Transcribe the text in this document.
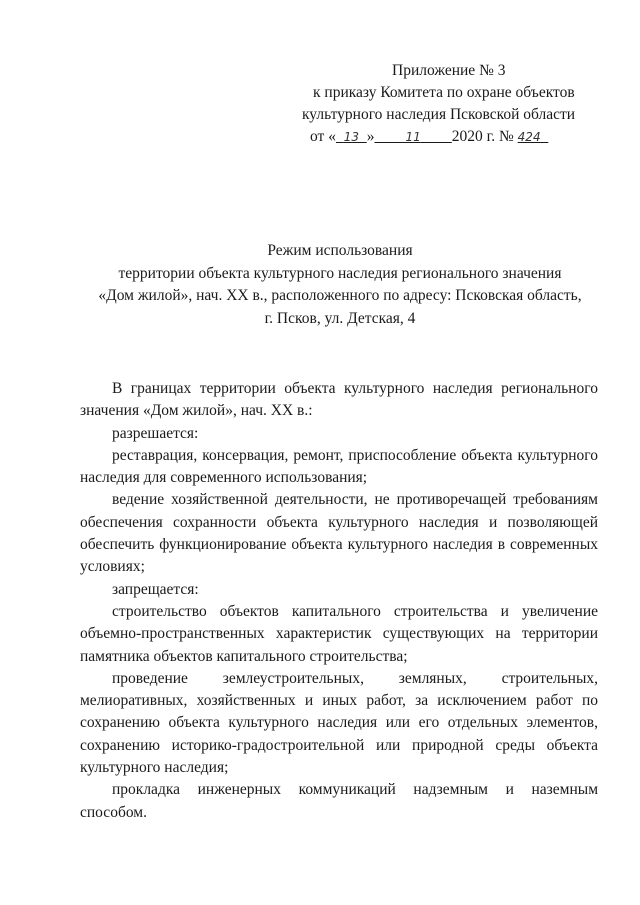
Приложение № 3
к приказу Комитета по охране объектов
культурного наследия Псковской области
от « 13 »	11 2020 г. № 424
Режим использования
территории объекта культурного наследия регионального значения
«Дом жилой», нач. XX в., расположенного по адресу: Псковская область,
г. Псков, ул. Детская, 4

В границах территории объекта культурного наследия регионального значения «Дом жилой», нач. XX в.:

разрешается:

реставрация, консервация, ремонт, приспособление объекта культурного наследия для современного использования;

ведение хозяйственной деятельности, не противоречащей требованиям обеспечения сохранности объекта культурного наследия и позволяющей обеспечить функционирование объекта культурного наследия в современных условиях;

запрещается:

строительство объектов капитального строительства и увеличение объемно-пространственных характеристик существующих на территории памятника объектов капитального строительства;

проведение землеустроительных, земляных, строительных, мелиоративных, хозяйственных и иных работ, за исключением работ по сохранению объекта культурного наследия или его отдельных элементов, сохранению историко-градостроительной или природной среды объекта культурного наследия;

прокладка инженерных коммуникаций надземным и наземным способом.
